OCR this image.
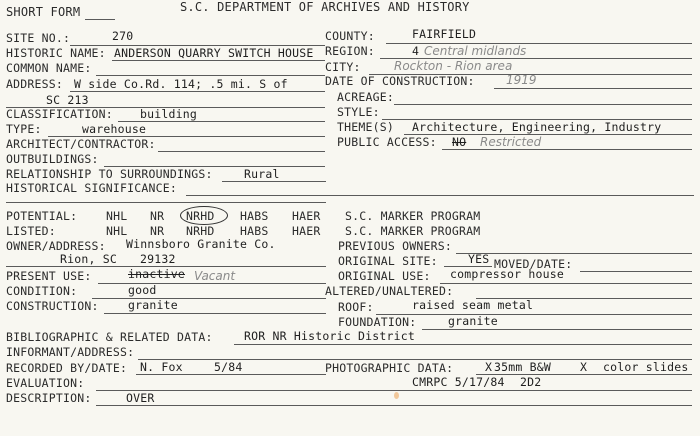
SHORT FORM	S.C. DEPARTMENT OF ARCHIVES AND HISTORY
SITE NO.:	270
HISTORIC NAME: ANDERSON QUARRY SWITCH HOUSE
COMMON NAME:
ADDRESS: W side Co.Rd. 114; .5 mi. S of
SC 213
CLASSIFICATION: building
TYPE:	warehouse
ARCHITECT/CONTRACTOR:
OUTBUILDINGS:
RELATIONSHIP TO SURROUNDINGS:	Rural
HISTORICAL SIGNIFICANCE:
COUNTY:	FAIRFIELD
REGION:	4 Central midlands
CITY:	Rockton - Rion area
DATE OF CONSTRUCTION:	1919
ACREAGE:
STYLE:
THEME(S) Architecture, Engineering, Industry
PUBLIC ACCESS: NO Restricted
POTENTIAL:	NHL NR NRHD HABS HAER S.C. MARKER PROGRAM
LISTED:	NHL NR NRHD HABS HAER S.C. MARKER PROGRAM
OWNER/ADDRESS: Winnsboro Granite Co.
Rion, SC 29132
PREVIOUS OWNERS:
ORIGINAL SITE:	YES MOVED/DATE:
PRESENT USE:	inactive Vacant	ORIGINAL USE: compressor house
CONDITION:	good	ALTERED/UNALTERED:
CONSTRUCTION:	granite	ROOF:	raised seam metal
FOUNDATION:	granite
BIBLIOGRAPHIC & RELATED DATA:	ROR NR Historic District
INFORMANT/ADDRESS:
RECORDED BY/DATE: N. Fox	5/84	PHOTOGRAPHIC DATA:	X 35mm B&W	X color slides
EVALUATION:	CMRPC 5/17/84 2D2
DESCRIPTION:	OVER
